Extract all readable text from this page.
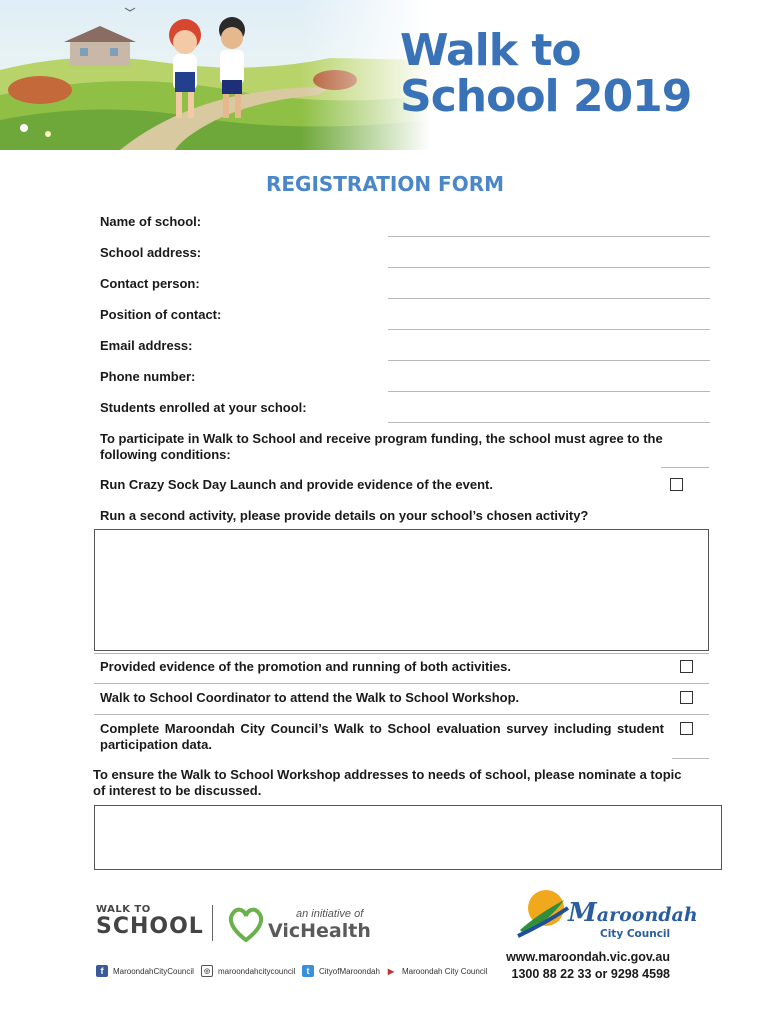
Walk to
School 2019
REGISTRATION FORM
Name of school:
School address:
Contact person:
Position of contact:
Email address:
Phone number:
Students enrolled at your school:
To participate in Walk to School and receive program funding, the school must agree to the following conditions:
Run Crazy Sock Day Launch and provide evidence of the event.
Run a second activity, please provide details on your school’s chosen activity?
Provided evidence of the promotion and running of both activities.
Walk to School Coordinator to attend the Walk to School Workshop.
Complete Maroondah City Council’s Walk to School evaluation survey including student participation data.
To ensure the Walk to School Workshop addresses to needs of school, please nominate a topic of interest to be discussed.
WALK TO
SCHOOL	an initiative of
VicHealth
Maroondah
City Council
www.maroondah.vic.gov.au
1300 88 22 33 or 9298 4598
f	MaroondahCityCouncil	◎ maroondahcitycouncil	t	CityofMaroondah	▶ Maroondah City Council
